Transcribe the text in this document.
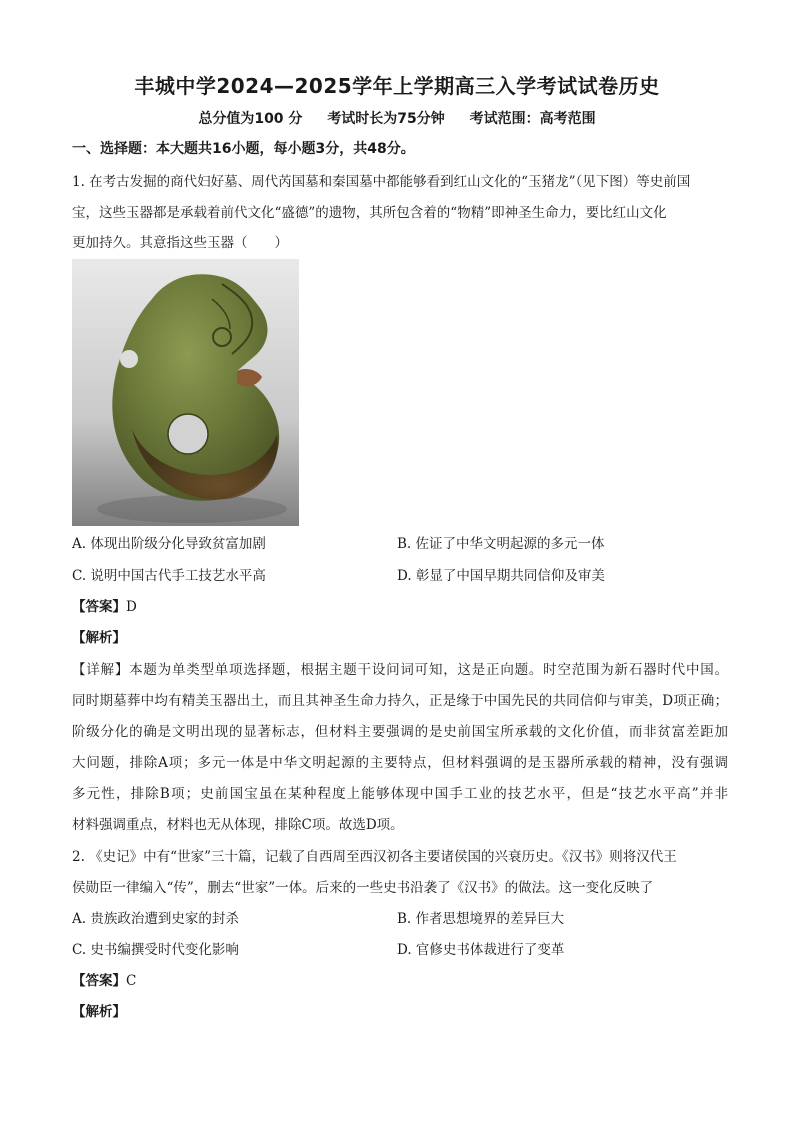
丰城中学2024—2025学年上学期高三入学考试试卷历史
总分值为100 分 考试时长为75分钟 考试范围：高考范围
一、选择题：本大题共16小题，每小题3分，共48分。
1. 在考古发掘的商代妇好墓、周代芮国墓和秦国墓中都能够看到红山文化的“玉猪龙”（见下图）等史前国
宝，这些玉器都是承载着前代文化“盛德”的遗物，其所包含着的“物精”即神圣生命力，要比红山文化
更加持久。其意指这些玉器（　　）
A. 体现出阶级分化导致贫富加剧	B. 佐证了中华文明起源的多元一体
C. 说明中国古代手工技艺水平高	D. 彰显了中国早期共同信仰及审美
【答案】D
【解析】
【详解】本题为单类型单项选择题，根据主题干设问词可知，这是正向题。时空范围为新石器时代中国。
同时期墓葬中均有精美玉器出土，而且其神圣生命力持久，正是缘于中国先民的共同信仰与审美，D项正确；
阶级分化的确是文明出现的显著标志，但材料主要强调的是史前国宝所承载的文化价值，而非贫富差距加
大问题，排除A项；多元一体是中华文明起源的主要特点，但材料强调的是玉器所承载的精神，没有强调
多元性，排除B项；史前国宝虽在某种程度上能够体现中国手工业的技艺水平，但是“技艺水平高”并非
材料强调重点，材料也无从体现，排除C项。故选D项。
2. 《史记》中有“世家”三十篇，记载了自西周至西汉初各主要诸侯国的兴衰历史。《汉书》则将汉代王
侯勋臣一律编入“传”，删去“世家”一体。后来的一些史书沿袭了《汉书》的做法。这一变化反映了
A. 贵族政治遭到史家的封杀	B. 作者思想境界的差异巨大
C. 史书编撰受时代变化影响	D. 官修史书体裁进行了变革
【答案】C
【解析】
